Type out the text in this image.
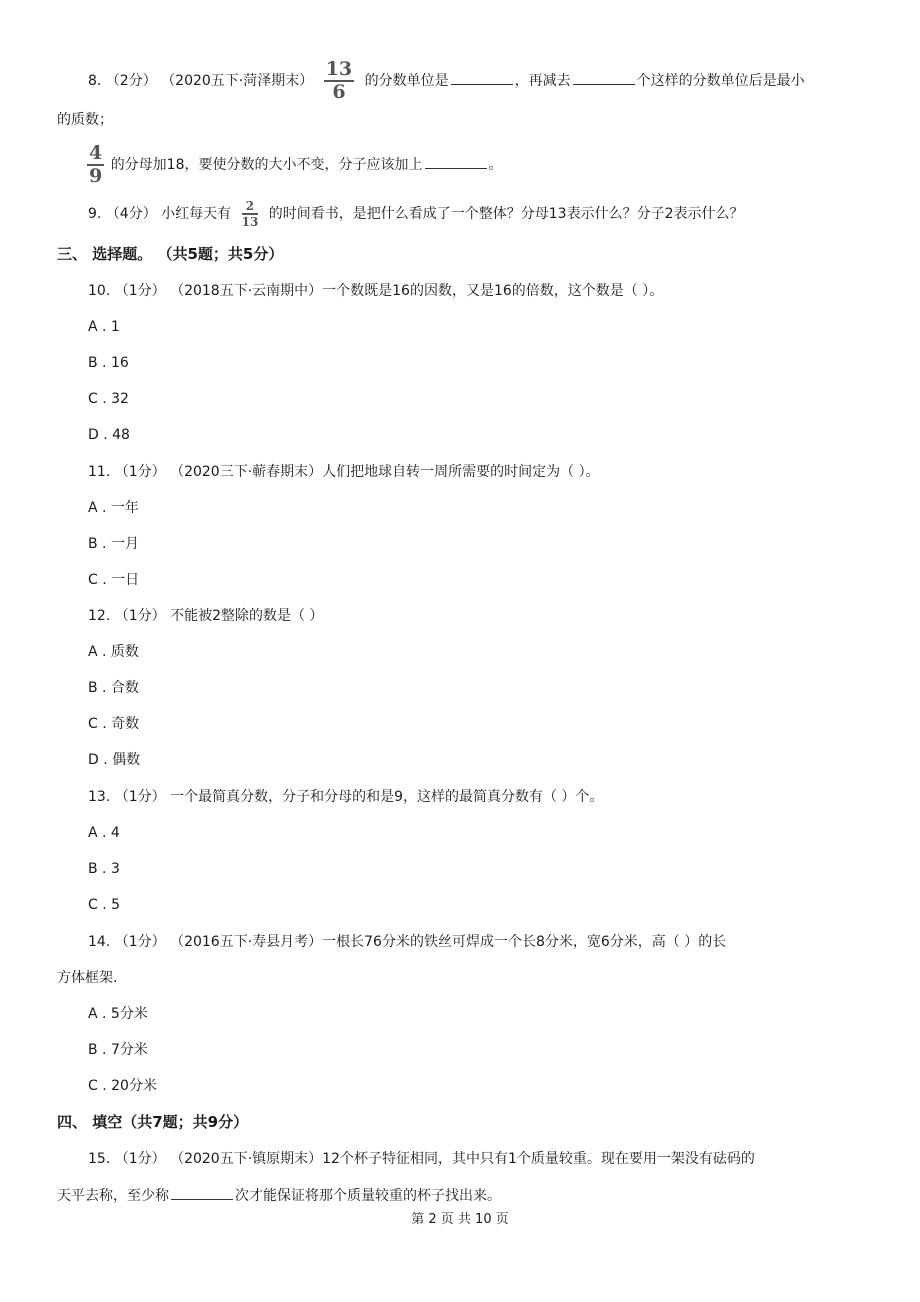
8. （2分） （2020五下·菏泽期末） $\frac{13}{6}$ 的分数单位是	，再减去	个这样的分数单位后是最小
的质数；
$\frac{4}{9}$ 的分母加18，要使分数的大小不变，分子应该加上	。
9. （4分） 小红每天有 $\frac{2}{13}$ 的时间看书，是把什么看成了一个整体？分母13表示什么？分子2表示什么？
三、 选择题。 （共5题；共5分）
10. （1分） （2018五下·云南期中）一个数既是16的因数，又是16的倍数，这个数是（ ）。
A . 1
B . 16
C . 32
D . 48
11. （1分） （2020三下·蕲春期末）人们把地球自转一周所需要的时间定为（ ）。
A . 一年
B . 一月
C . 一日
12. （1分） 不能被2整除的数是（ ）
A . 质数
B . 合数
C . 奇数
D . 偶数
13. （1分） 一个最简真分数，分子和分母的和是9，这样的最简真分数有（ ）个。
A . 4
B . 3
C . 5
14. （1分） （2016五下·寿县月考）一根长76分米的铁丝可焊成一个长8分米，宽6分米，高（ ）的长
方体框架.
A . 5分米
B . 7分米
C . 20分米
四、 填空（共7题；共9分）
15. （1分） （2020五下·镇原期末）12个杯子特征相同，其中只有1个质量较重。现在要用一架没有砝码的
天平去称，至少称	次才能保证将那个质量较重的杯子找出来。
第 2 页 共 10 页
